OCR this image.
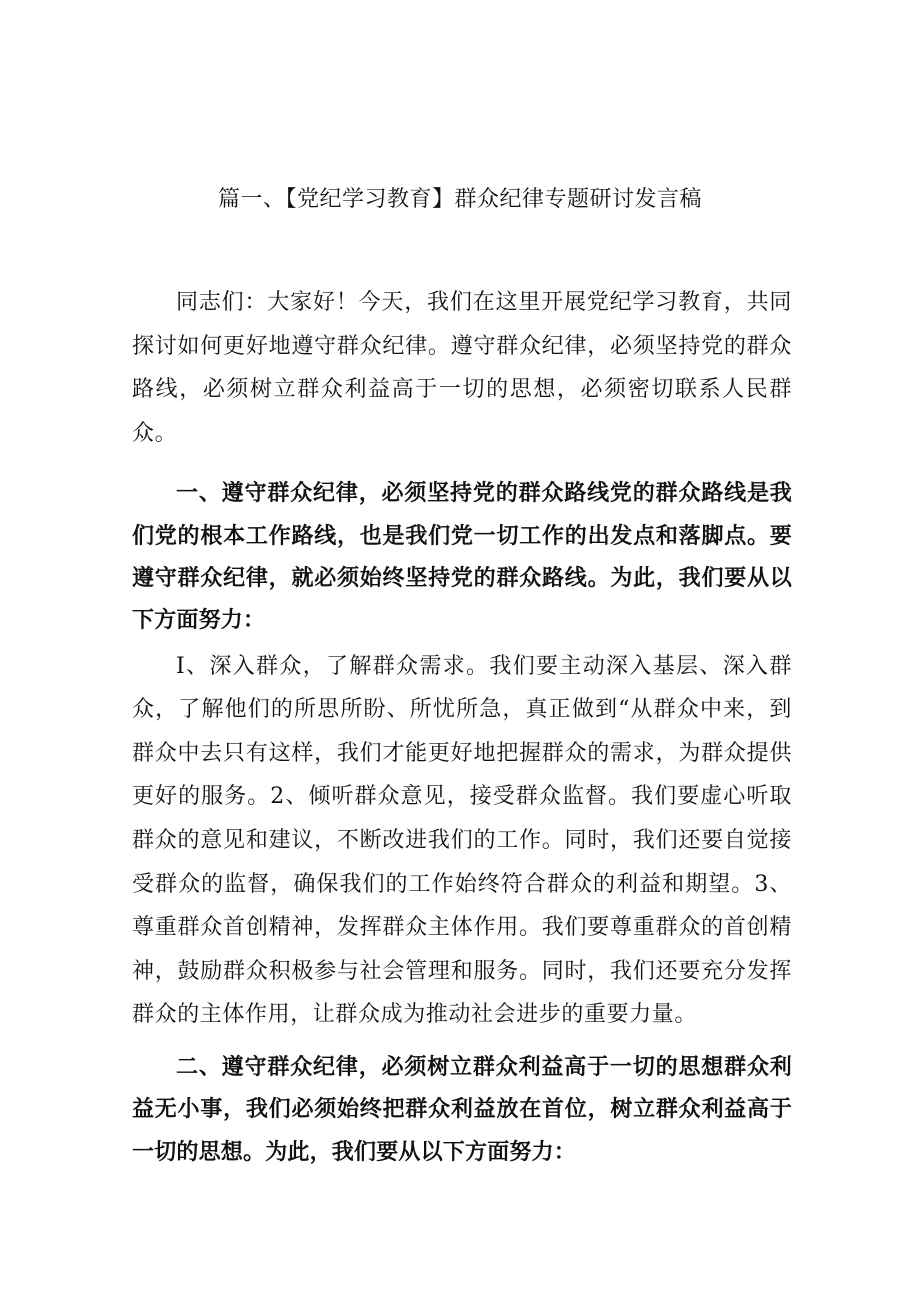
篇一、【党纪学习教育】群众纪律专题研讨发言稿

同志们：大家好！今天，我们在这里开展党纪学习教育，共同探讨如何更好地遵守群众纪律。遵守群众纪律，必须坚持党的群众路线，必须树立群众利益高于一切的思想，必须密切联系人民群众。

一、遵守群众纪律，必须坚持党的群众路线党的群众路线是我们党的根本工作路线，也是我们党一切工作的出发点和落脚点。要遵守群众纪律，就必须始终坚持党的群众路线。为此，我们要从以下方面努力：

I、深入群众，了解群众需求。我们要主动深入基层、深入群众，了解他们的所思所盼、所忧所急，真正做到“从群众中来，到群众中去只有这样，我们才能更好地把握群众的需求，为群众提供更好的服务。2、倾听群众意见，接受群众监督。我们要虚心听取群众的意见和建议，不断改进我们的工作。同时，我们还要自觉接受群众的监督，确保我们的工作始终符合群众的利益和期望。3、尊重群众首创精神，发挥群众主体作用。我们要尊重群众的首创精神，鼓励群众积极参与社会管理和服务。同时，我们还要充分发挥群众的主体作用，让群众成为推动社会进步的重要力量。

二、遵守群众纪律，必须树立群众利益高于一切的思想群众利益无小事，我们必须始终把群众利益放在首位，树立群众利益高于一切的思想。为此，我们要从以下方面努力：
